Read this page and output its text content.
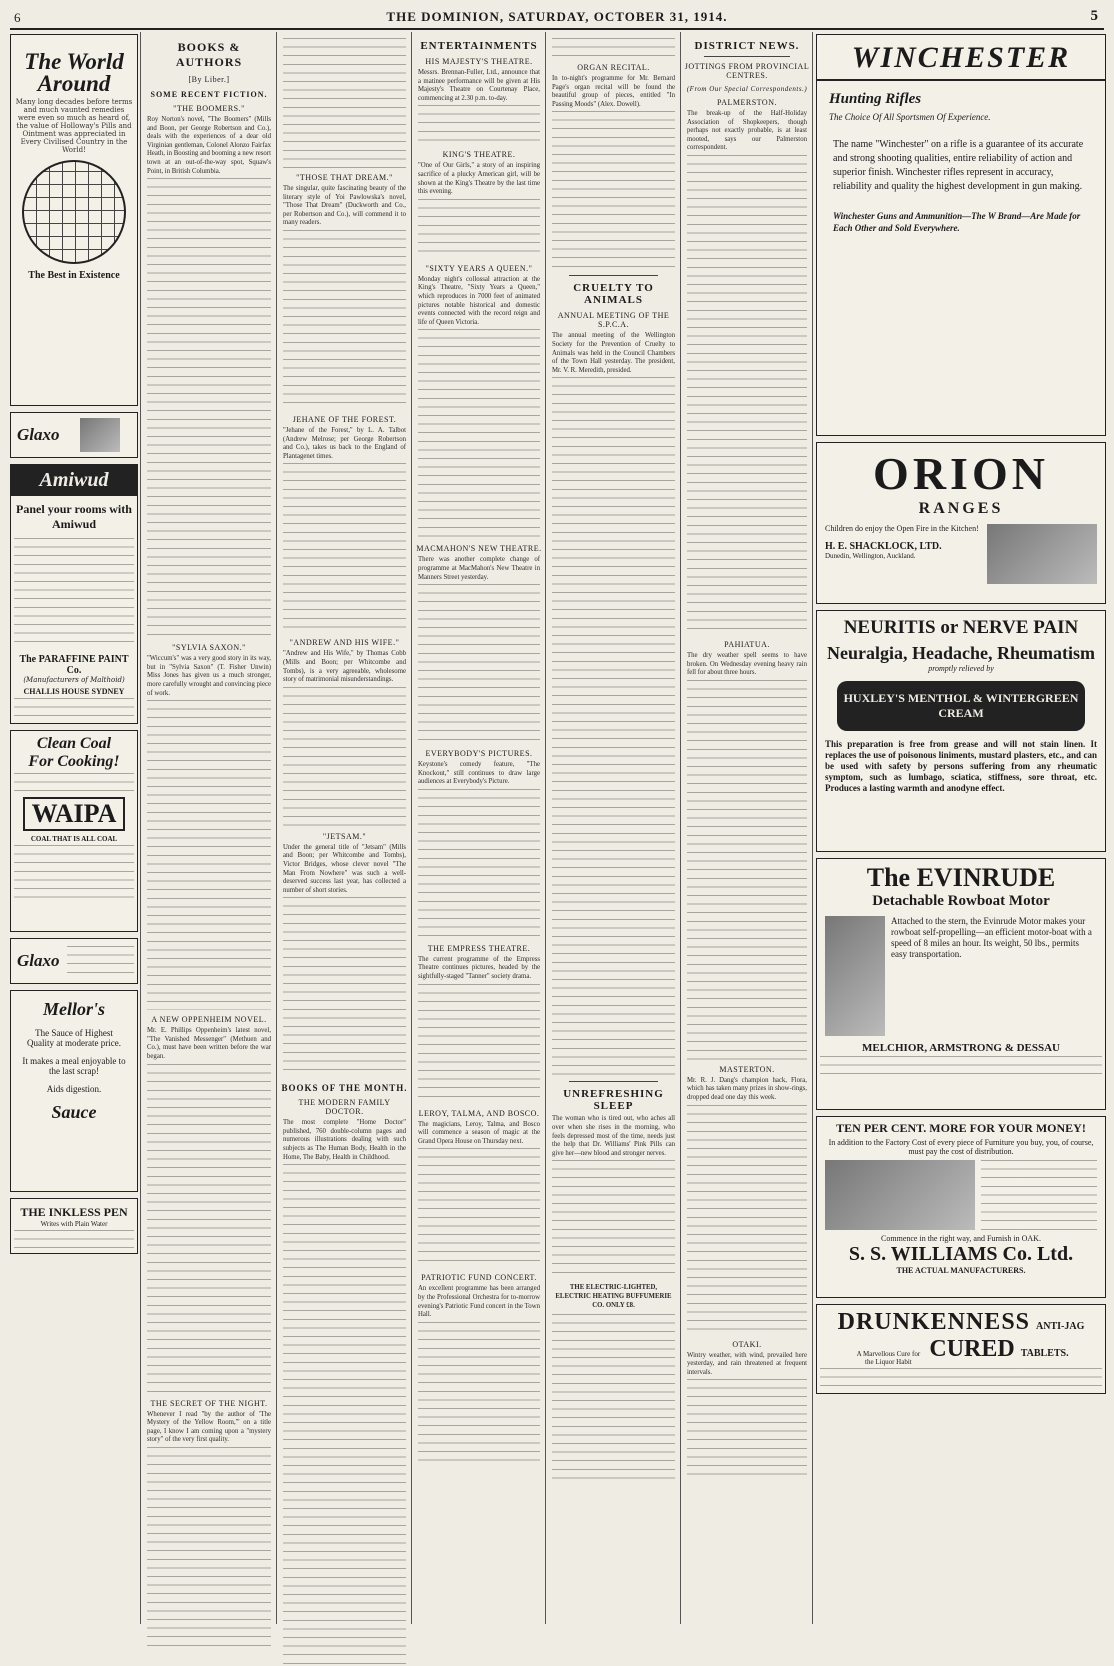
6	THE DOMINION, SATURDAY, OCTOBER 31, 1914.	5
The World Around
Many long decades before terms and much vaunted remedies were even so much as heard of, the value of Holloway's Pills and Ointment was appreciated in Every Civilised Country in the World!
The Best in Existence
Glaxo
Amiwud
Panel your rooms with Amiwud
The PARAFFINE PAINT Co.
(Manufacturers of Malthoid)
CHALLIS HOUSE SYDNEY
Clean Coal
For Cooking!
WAIPA
COAL THAT IS ALL COAL
Glaxo
Mellor's
The Sauce of Highest Quality at moderate price.
It makes a meal enjoyable to the last scrap!
Aids digestion.
Sauce
THE INKLESS PEN
Writes with Plain Water
BOOKS & AUTHORS
[By Liber.]
SOME RECENT FICTION.
"THE BOOMERS."
Roy Norton's novel, "The Boomers" (Mills and Boon, per George Robertson and Co.), deals with the experiences of a dear old Virginian gentleman, Colonel Alonzo Fairfax Heath, in Boosting and booming a new resort town at an out-of-the-way spot, Squaw's Point, in British Columbia.
"SYLVIA SAXON."
"Wiccum's" was a very good story in its way, but in "Sylvia Saxon" (T. Fisher Unwin) Miss Jones has given us a much stronger, more carefully wrought and convincing piece of work.
A NEW OPPENHEIM NOVEL.
Mr. E. Phillips Oppenheim's latest novel, "The Vanished Messenger" (Methuen and Co.), must have been written before the war began.
THE SECRET OF THE NIGHT.
Whenever I read "by the author of 'The Mystery of the Yellow Room,'" on a title page, I know I am coming upon a "mystery story" of the very first quality.
"THOSE THAT DREAM."
The singular, quite fascinating beauty of the literary style of Yoi Pawlowska's novel, "Those That Dream" (Duckworth and Co., per Robertson and Co.), will commend it to many readers.
JEHANE OF THE FOREST.
"Jehane of the Forest," by L. A. Talbot (Andrew Melrose; per George Robertson and Co.), takes us back to the England of Plantagenet times.
"ANDREW AND HIS WIFE."
"Andrew and His Wife," by Thomas Cobb (Mills and Boon; per Whitcombe and Tombs), is a very agreeable, wholesome story of matrimonial misunderstandings.
"JETSAM."
Under the general title of "Jetsam" (Mills and Boon; per Whitcombe and Tombs), Victor Bridges, whose clever novel "The Man From Nowhere" was such a well-deserved success last year, has collected a number of short stories.
BOOKS OF THE MONTH.
THE MODERN FAMILY DOCTOR.
The most complete "Home Doctor" published, 760 double-column pages and numerous illustrations dealing with such subjects as The Human Body, Health in the Home, The Baby, Health in Childhood.
ENTERTAINMENTS
HIS MAJESTY'S THEATRE.
Messrs. Brennan-Fuller, Ltd., announce that a matinee performance will be given at His Majesty's Theatre on Courtenay Place, commencing at 2.30 p.m. to-day.
KING'S THEATRE.
"One of Our Girls," a story of an inspiring sacrifice of a plucky American girl, will be shown at the King's Theatre by the last time this evening.
"SIXTY YEARS A QUEEN."
Monday night's collossal attraction at the King's Theatre, "Sixty Years a Queen," which reproduces in 7000 feet of animated pictures notable historical and domestic events connected with the record reign and life of Queen Victoria.
MACMAHON'S NEW THEATRE.
There was another complete change of programme at MacMahon's New Theatre in Manners Street yesterday.
EVERYBODY'S PICTURES.
Keystone's comedy feature, "The Knockout," still continues to draw large audiences at Everybody's Picture.
THE EMPRESS THEATRE.
The current programme of the Empress Theatre continues pictures, headed by the sightfully-staged "Tanner" society drama.
LEROY, TALMA, AND BOSCO.
The magicians, Leroy, Talma, and Bosco will commence a season of magic at the Grand Opera House on Thursday next.
PATRIOTIC FUND CONCERT.
An excellent programme has been arranged by the Professional Orchestra for to-morrow evening's Patriotic Fund concert in the Town Hall.
ORGAN RECITAL.
In to-night's programme for Mr. Bernard Page's organ recital will be found the beautiful group of pieces, entitled "In Passing Moods" (Alex. Dowell).
CRUELTY TO ANIMALS
ANNUAL MEETING OF THE S.P.C.A.
The annual meeting of the Wellington Society for the Prevention of Cruelty to Animals was held in the Council Chambers of the Town Hall yesterday. The president, Mr. V. R. Meredith, presided.
UNREFRESHING SLEEP
The woman who is tired out, who aches all over when she rises in the morning, who feels depressed most of the time, needs just the help that Dr. Williams' Pink Pills can give her—new blood and stronger nerves.
THE ELECTRIC-LIGHTED, ELECTRIC HEATING BUFFUMERIE CO. ONLY £8.
DISTRICT NEWS.
JOTTINGS FROM PROVINCIAL CENTRES.
(From Our Special Correspondents.)
PALMERSTON.
The break-up of the Half-Holiday Association of Shopkeepers, though perhaps not exactly probable, is at least mooted, says our Palmerston correspondent.
PAHIATUA.
The dry weather spell seems to have broken. On Wednesday evening heavy rain fell for about three hours.
MASTERTON.
Mr. R. J. Dang's champion hack, Flora, which has taken many prizes in show-rings, dropped dead one day this week.
OTAKI.
Wintry weather, with wind, prevailed here yesterday, and rain threatened at frequent intervals.
WINCHESTER
Hunting Rifles
The Choice Of All Sportsmen Of Experience.
The name "Winchester" on a rifle is a guarantee of its accurate and strong shooting qualities, entire reliability of action and superior finish. Winchester rifles represent in accuracy, reliability and quality the highest development in gun making.
Winchester Guns and Ammunition—The W Brand—Are Made for Each Other and Sold Everywhere.
ORION
RANGES
Children do enjoy the Open Fire in the Kitchen!
H. E. SHACKLOCK, LTD.
Dunedin, Wellington, Auckland.
NEURITIS or NERVE PAIN
Neuralgia, Headache, Rheumatism
promptly relieved by
HUXLEY'S MENTHOL & WINTERGREEN CREAM
This preparation is free from grease and will not stain linen. It replaces the use of poisonous liniments, mustard plasters, etc., and can be used with safety by persons suffering from any rheumatic symptom, such as lumbago, sciatica, stiffness, sore throat, etc. Produces a lasting warmth and anodyne effect.
The EVINRUDE
Detachable Rowboat Motor
Attached to the stern, the Evinrude Motor makes your rowboat self-propelling—an efficient motor-boat with a speed of 8 miles an hour. Its weight, 50 lbs., permits easy transportation.
MELCHIOR, ARMSTRONG & DESSAU
TEN PER CENT. MORE FOR YOUR MONEY!
In addition to the Factory Cost of every piece of Furniture you buy, you, of course, must pay the cost of distribution.
Commence in the right way, and Furnish in OAK.
S. S. WILLIAMS Co. Ltd.
THE ACTUAL MANUFACTURERS.
DRUNKENNESS ANTI-JAG
A Marvellous Cure for the Liquor Habit CURED TABLETS.
